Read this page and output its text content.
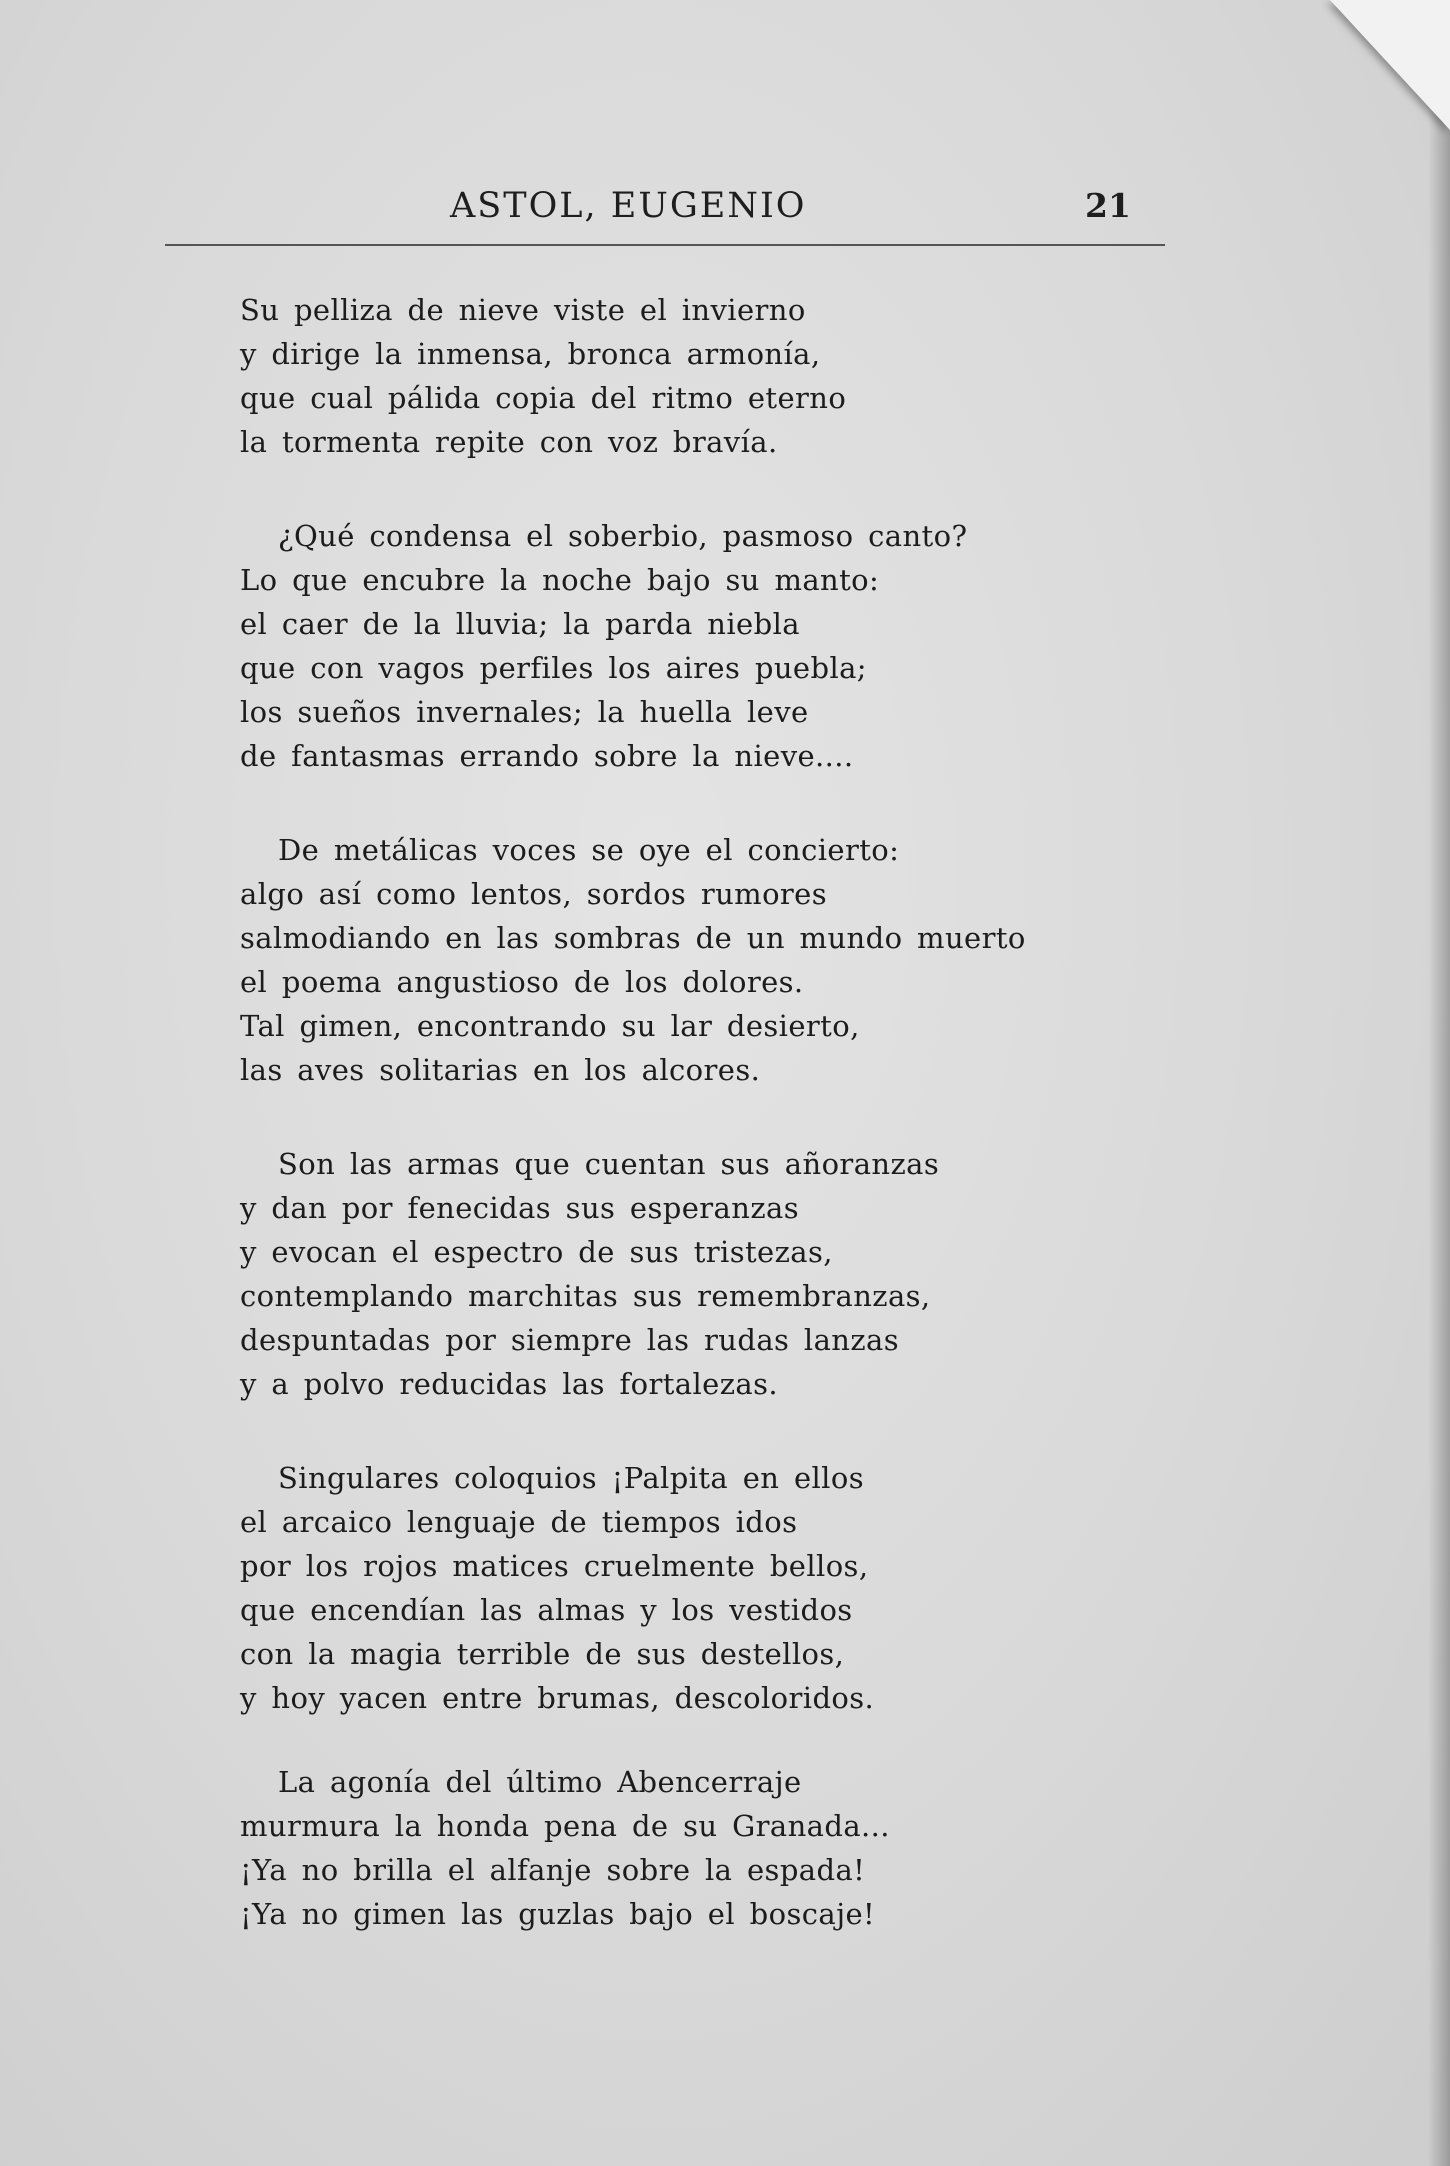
ASTOL, EUGENIO	21
Su pelliza de nieve viste el invierno
y dirige la inmensa, bronca armonía,
que cual pálida copia del ritmo eterno
la tormenta repite con voz bravía.
¿Qué condensa el soberbio, pasmoso canto?
Lo que encubre la noche bajo su manto:
el caer de la lluvia; la parda niebla
que con vagos perfiles los aires puebla;
los sueños invernales; la huella leve
de fantasmas errando sobre la nieve....
De metálicas voces se oye el concierto:
algo así como lentos, sordos rumores
salmodiando en las sombras de un mundo muerto
el poema angustioso de los dolores.
Tal gimen, encontrando su lar desierto,
las aves solitarias en los alcores.
Son las armas que cuentan sus añoranzas
y dan por fenecidas sus esperanzas
y evocan el espectro de sus tristezas,
contemplando marchitas sus remembranzas,
despuntadas por siempre las rudas lanzas
y a polvo reducidas las fortalezas.
Singulares coloquios ¡Palpita en ellos
el arcaico lenguaje de tiempos idos
por los rojos matices cruelmente bellos,
que encendían las almas y los vestidos
con la magia terrible de sus destellos,
y hoy yacen entre brumas, descoloridos.
La agonía del último Abencerraje
murmura la honda pena de su Granada...
¡Ya no brilla el alfanje sobre la espada!
¡Ya no gimen las guzlas bajo el boscaje!
